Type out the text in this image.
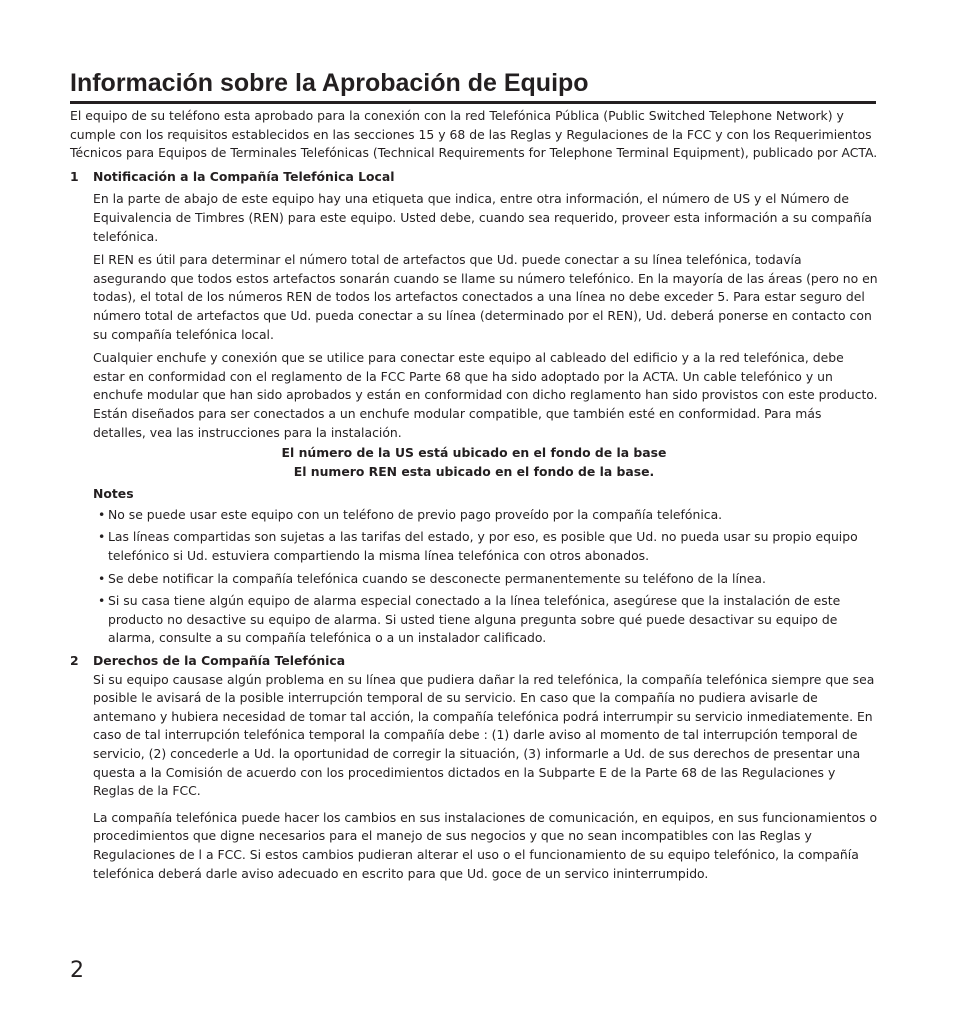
Información sobre la Aprobación de Equipo

El equipo de su teléfono esta aprobado para la conexión con la red Telefónica Pública (Public Switched Telephone Network) y cumple con los requisitos establecidos en las secciones 15 y 68 de las Reglas y Regulaciones de la FCC y con los Requerimientos Técnicos para Equipos de Terminales Telefónicas (Technical Requirements for Telephone Terminal Equipment), publicado por ACTA.

1	Notificación a la Compañía Telefónica Local

En la parte de abajo de este equipo hay una etiqueta que indica, entre otra información, el número de US y el Número de Equivalencia de Timbres (REN) para este equipo. Usted debe, cuando sea requerido, proveer esta información a su compañía telefónica.

El REN es útil para determinar el número total de artefactos que Ud. puede conectar a su línea telefónica, todavía asegurando que todos estos artefactos sonarán cuando se llame su número telefónico. En la mayoría de las áreas (pero no en todas), el total de los números REN de todos los artefactos conectados a una línea no debe exceder 5. Para estar seguro del número total de artefactos que Ud. pueda conectar a su línea (determinado por el REN), Ud. deberá ponerse en contacto con su compañía telefónica local.

Cualquier enchufe y conexión que se utilice para conectar este equipo al cableado del edificio y a la red telefónica, debe estar en conformidad con el reglamento de la FCC Parte 68 que ha sido adoptado por la ACTA. Un cable telefónico y un enchufe modular que han sido aprobados y están en conformidad con dicho reglamento han sido provistos con este producto. Están diseñados para ser conectados a un enchufe modular compatible, que también esté en conformidad. Para más detalles, vea las instrucciones para la instalación.

El número de la US está ubicado en el fondo de la base
El numero REN esta ubicado en el fondo de la base.
Notes
• No se puede usar este equipo con un teléfono de previo pago proveído por la compañía telefónica.
• Las líneas compartidas son sujetas a las tarifas del estado, y por eso, es posible que Ud. no pueda usar su propio equipo telefónico si Ud. estuviera compartiendo la misma línea telefónica con otros abonados.
• Se debe notificar la compañía telefónica cuando se desconecte permanentemente su teléfono de la línea.
• Si su casa tiene algún equipo de alarma especial conectado a la línea telefónica, asegúrese que la instalación de este producto no desactive su equipo de alarma. Si usted tiene alguna pregunta sobre qué puede desactivar su equipo de alarma, consulte a su compañía telefónica o a un instalador calificado.
2	Derechos de la Compañía Telefónica

Si su equipo causase algún problema en su línea que pudiera dañar la red telefónica, la compañía telefónica siempre que sea posible le avisará de la posible interrupción temporal de su servicio. En caso que la compañía no pudiera avisarle de antemano y hubiera necesidad de tomar tal acción, la compañía telefónica podrá interrumpir su servicio inmediatemente. En caso de tal interrupción telefónica temporal la compañía debe : (1) darle aviso al momento de tal interrupción temporal de servicio, (2) concederle a Ud. la oportunidad de corregir la situación, (3) informarle a Ud. de sus derechos de presentar una questa a la Comisión de acuerdo con los procedimientos dictados en la Subparte E de la Parte 68 de las Regulaciones y Reglas de la FCC.

La compañía telefónica puede hacer los cambios en sus instalaciones de comunicación, en equipos, en sus funcionamientos o procedimientos que digne necesarios para el manejo de sus negocios y que no sean incompatibles con las Reglas y Regulaciones de l a FCC. Si estos cambios pudieran alterar el uso o el funcionamiento de su equipo telefónico, la compañía telefónica deberá darle aviso adecuado en escrito para que Ud. goce de un servico ininterrumpido.

2
